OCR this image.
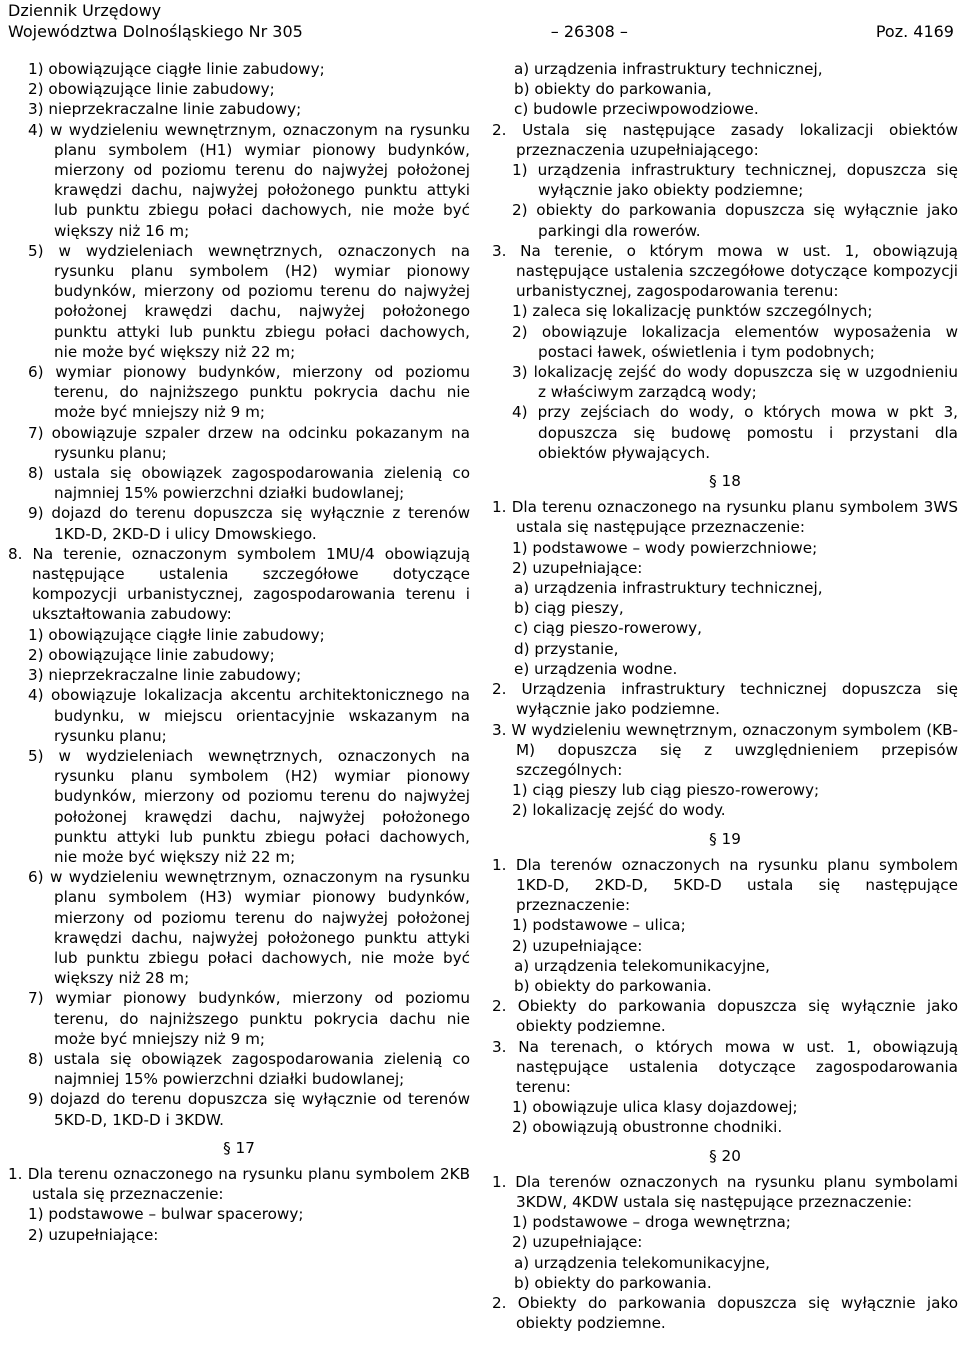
Dziennik Urzędowy
Województwa Dolnośląskiego Nr 305	– 26308 –	Poz. 4169
1) obowiązujące ciągłe linie zabudowy;
2) obowiązujące linie zabudowy;
3) nieprzekraczalne linie zabudowy;
4) w wydzieleniu wewnętrznym, oznaczonym na rysunku planu symbolem (H1) wymiar pionowy budynków, mierzony od poziomu terenu do najwyżej położonej krawędzi dachu, najwyżej położonego punktu attyki lub punktu zbiegu połaci dachowych, nie może być większy niż 16 m;
5) w wydzieleniach wewnętrznych, oznaczonych na rysunku planu symbolem (H2) wymiar pionowy budynków, mierzony od poziomu terenu do najwyżej położonej krawędzi dachu, najwyżej położonego punktu attyki lub punktu zbiegu połaci dachowych, nie może być większy niż 22 m;
6) wymiar pionowy budynków, mierzony od poziomu terenu, do najniższego punktu pokrycia dachu nie może być mniejszy niż 9 m;
7) obowiązuje szpaler drzew na odcinku pokazanym na rysunku planu;
8) ustala się obowiązek zagospodarowania zielenią co najmniej 15% powierzchni działki budowlanej;
9) dojazd do terenu dopuszcza się wyłącznie z terenów 1KD-D, 2KD-D i ulicy Dmowskiego.
8. Na terenie, oznaczonym symbolem 1MU/4 obowiązują następujące ustalenia szczegółowe dotyczące kompozycji urbanistycznej, zagospodarowania terenu i ukształtowania zabudowy:
1) obowiązujące ciągłe linie zabudowy;
2) obowiązujące linie zabudowy;
3) nieprzekraczalne linie zabudowy;
4) obowiązuje lokalizacja akcentu architektonicznego na budynku, w miejscu orientacyjnie wskazanym na rysunku planu;
5) w wydzieleniach wewnętrznych, oznaczonych na rysunku planu symbolem (H2) wymiar pionowy budynków, mierzony od poziomu terenu do najwyżej położonej krawędzi dachu, najwyżej położonego punktu attyki lub punktu zbiegu połaci dachowych, nie może być większy niż 22 m;
6) w wydzieleniu wewnętrznym, oznaczonym na rysunku planu symbolem (H3) wymiar pionowy budynków, mierzony od poziomu terenu do najwyżej położonej krawędzi dachu, najwyżej położonego punktu attyki lub punktu zbiegu połaci dachowych, nie może być większy niż 28 m;
7) wymiar pionowy budynków, mierzony od poziomu terenu, do najniższego punktu pokrycia dachu nie może być mniejszy niż 9 m;
8) ustala się obowiązek zagospodarowania zielenią co najmniej 15% powierzchni działki budowlanej;
9) dojazd do terenu dopuszcza się wyłącznie od terenów 5KD-D, 1KD-D i 3KDW.
§ 17
1. Dla terenu oznaczonego na rysunku planu symbolem 2KB ustala się przeznaczenie:
1) podstawowe – bulwar spacerowy;
2) uzupełniające:
a) urządzenia infrastruktury technicznej,
b) obiekty do parkowania,
c) budowle przeciwpowodziowe.
2. Ustala się następujące zasady lokalizacji obiektów przeznaczenia uzupełniającego:
1) urządzenia infrastruktury technicznej, dopuszcza się wyłącznie jako obiekty podziemne;
2) obiekty do parkowania dopuszcza się wyłącznie jako parkingi dla rowerów.
3. Na terenie, o którym mowa w ust. 1, obowiązują następujące ustalenia szczegółowe dotyczące kompozycji urbanistycznej, zagospodarowania terenu:
1) zaleca się lokalizację punktów szczególnych;
2) obowiązuje lokalizacja elementów wyposażenia w postaci ławek, oświetlenia i tym podobnych;
3) lokalizację zejść do wody dopuszcza się w uzgodnieniu z właściwym zarządcą wody;
4) przy zejściach do wody, o których mowa w pkt 3, dopuszcza się budowę pomostu i przystani dla obiektów pływających.
§ 18
1. Dla terenu oznaczonego na rysunku planu symbolem 3WS ustala się następujące przeznaczenie:
1) podstawowe – wody powierzchniowe;
2) uzupełniające:
a) urządzenia infrastruktury technicznej,
b) ciąg pieszy,
c) ciąg pieszo-rowerowy,
d) przystanie,
e) urządzenia wodne.
2. Urządzenia infrastruktury technicznej dopuszcza się wyłącznie jako podziemne.
3. W wydzieleniu wewnętrznym, oznaczonym symbolem (KB-M) dopuszcza się z uwzględnieniem przepisów szczególnych:
1) ciąg pieszy lub ciąg pieszo-rowerowy;
2) lokalizację zejść do wody.
§ 19
1. Dla terenów oznaczonych na rysunku planu symbolem 1KD-D, 2KD-D, 5KD-D ustala się następujące przeznaczenie:
1) podstawowe – ulica;
2) uzupełniające:
a) urządzenia telekomunikacyjne,
b) obiekty do parkowania.
2. Obiekty do parkowania dopuszcza się wyłącznie jako obiekty podziemne.
3. Na terenach, o których mowa w ust. 1, obowiązują następujące ustalenia dotyczące zagospodarowania terenu:
1) obowiązuje ulica klasy dojazdowej;
2) obowiązują obustronne chodniki.
§ 20
1. Dla terenów oznaczonych na rysunku planu symbolami 3KDW, 4KDW ustala się następujące przeznaczenie:
1) podstawowe – droga wewnętrzna;
2) uzupełniające:
a) urządzenia telekomunikacyjne,
b) obiekty do parkowania.
2. Obiekty do parkowania dopuszcza się wyłącznie jako obiekty podziemne.
